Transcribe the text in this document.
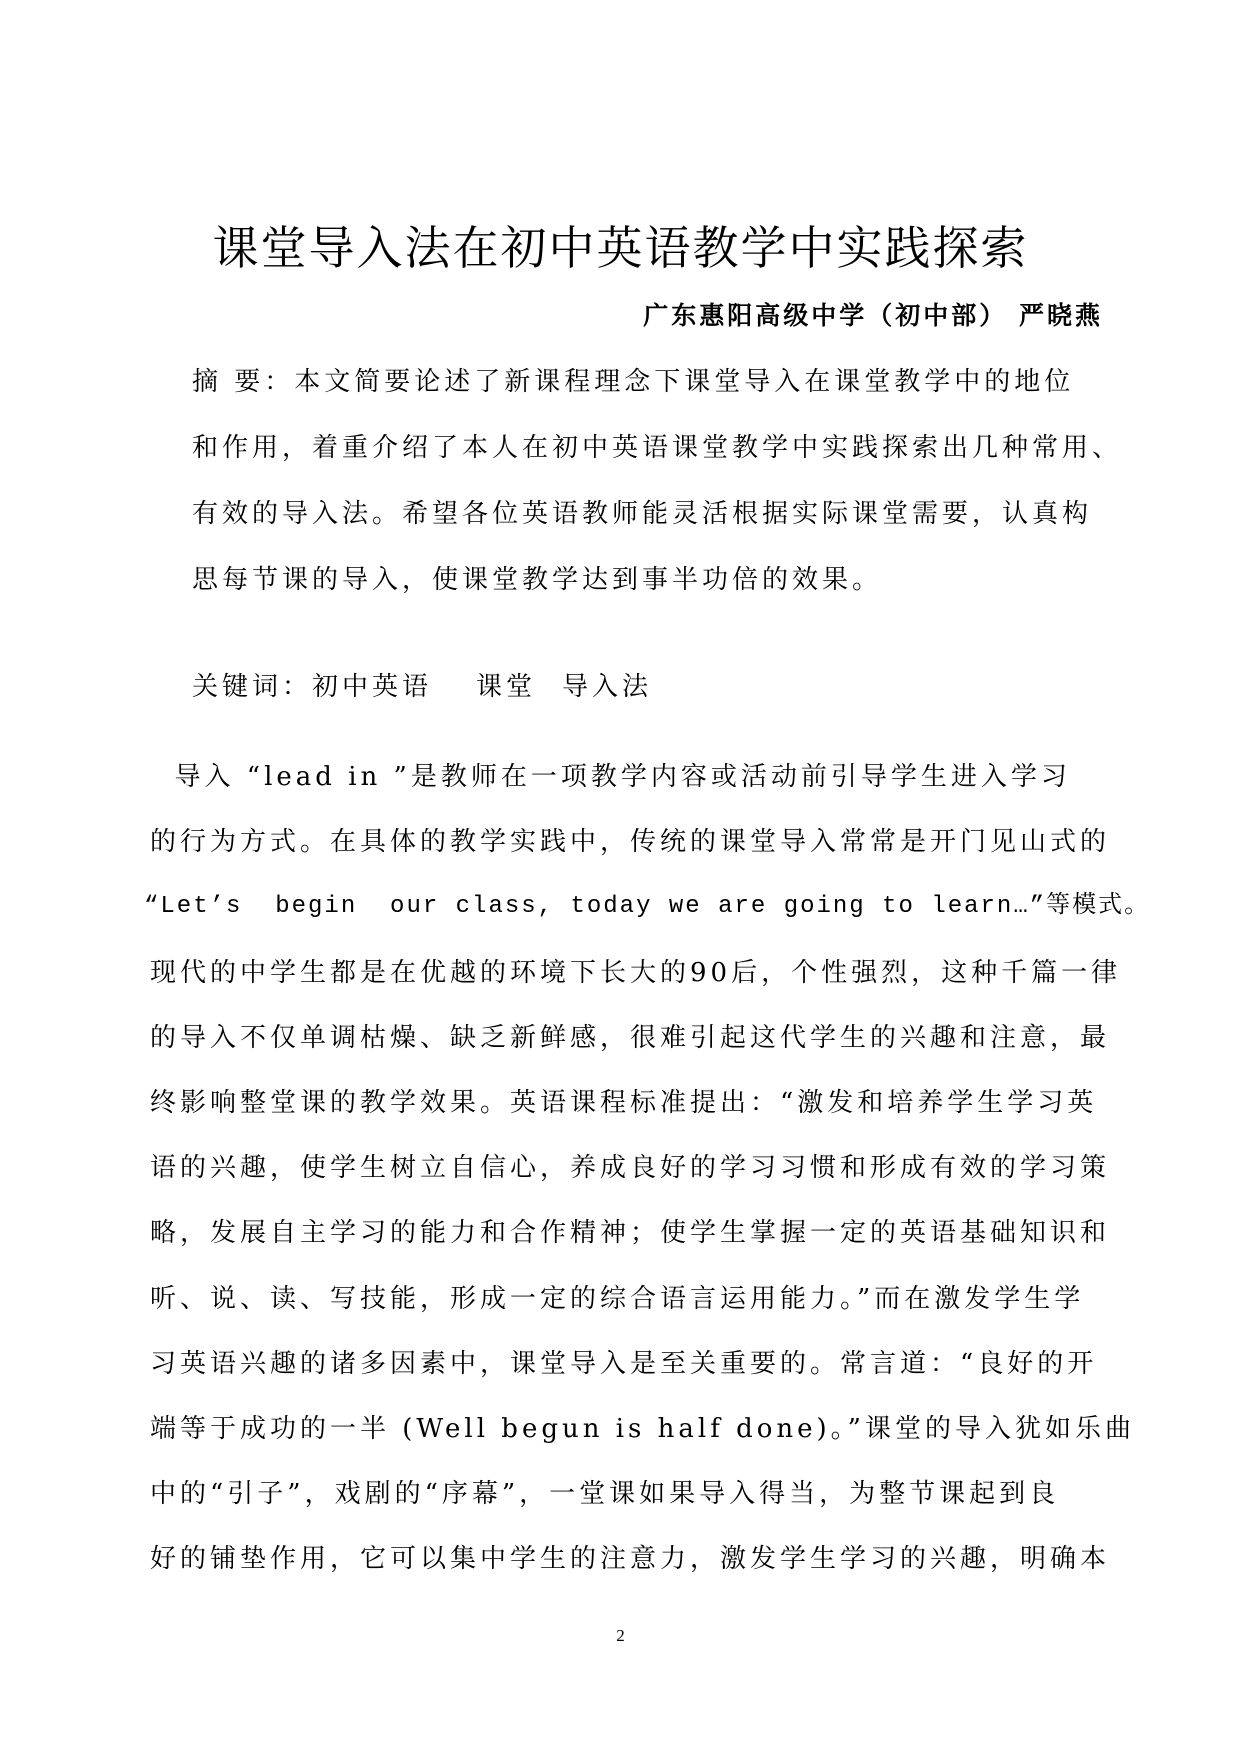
课堂导入法在初中英语教学中实践探索
广东惠阳高级中学（初中部） 严晓燕
摘 要：本文简要论述了新课程理念下课堂导入在课堂教学中的地位
和作用，着重介绍了本人在初中英语课堂教学中实践探索出几种常用、
有效的导入法。希望各位英语教师能灵活根据实际课堂需要，认真构
思每节课的导入，使课堂教学达到事半功倍的效果。
关键词：初中英语 课堂 导入法
导入 “lead in ”是教师在一项教学内容或活动前引导学生进入学习
的行为方式。在具体的教学实践中，传统的课堂导入常常是开门见山式的
“Let’s  begin  our class, today we are going to learn…”等模式。
现代的中学生都是在优越的环境下长大的90后，个性强烈，这种千篇一律
的导入不仅单调枯燥、缺乏新鲜感，很难引起这代学生的兴趣和注意，最
终影响整堂课的教学效果。英语课程标准提出：“激发和培养学生学习英
语的兴趣，使学生树立自信心，养成良好的学习习惯和形成有效的学习策
略，发展自主学习的能力和合作精神；使学生掌握一定的英语基础知识和
听、说、读、写技能，形成一定的综合语言运用能力。”而在激发学生学
习英语兴趣的诸多因素中，课堂导入是至关重要的。常言道：“良好的开
端等于成功的一半 (Well begun is half done)。”课堂的导入犹如乐曲
中的“引子”，戏剧的“序幕”，一堂课如果导入得当，为整节课起到良
好的铺垫作用，它可以集中学生的注意力，激发学生学习的兴趣，明确本
2
